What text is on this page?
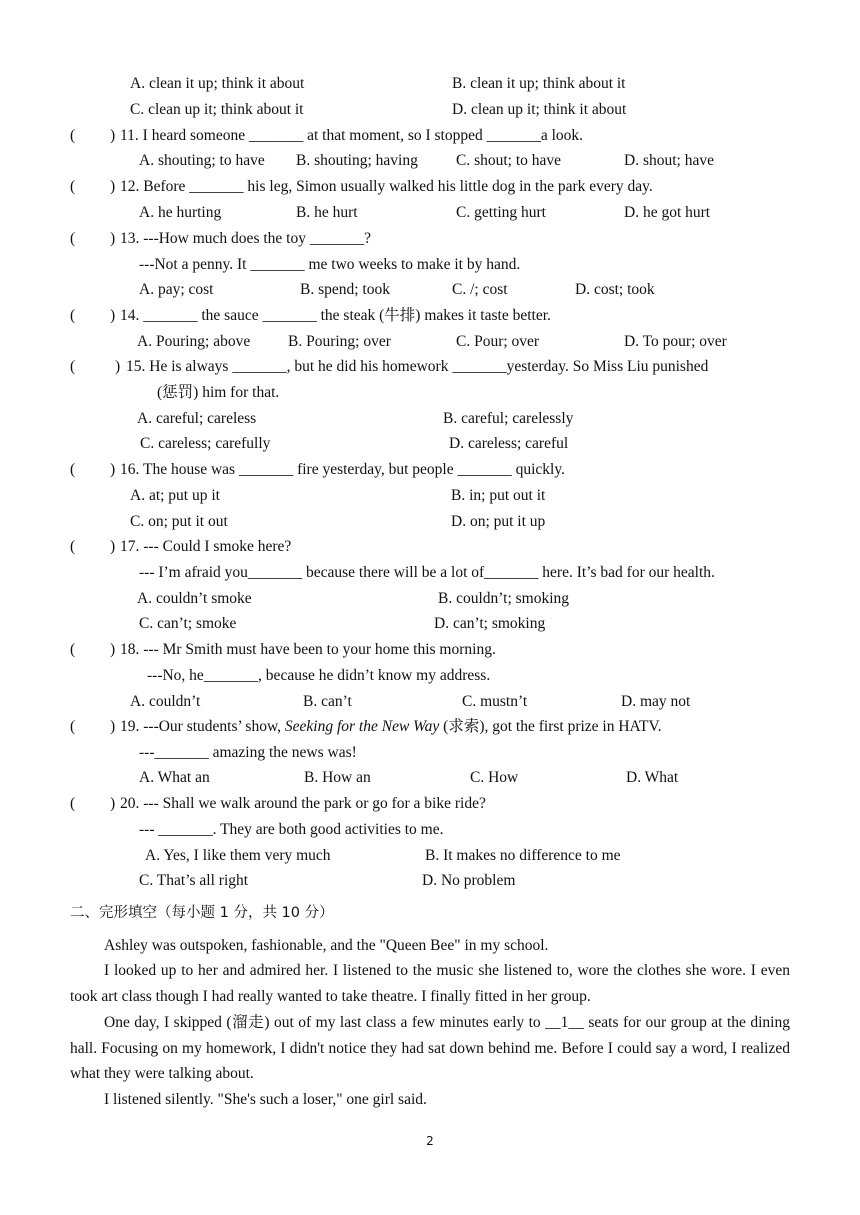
A. clean it up; think it about	B. clean it up; think about it
C. clean up it; think about it	D. clean up it; think it about
( ) 11. I heard someone _______ at that moment, so I stopped _______a look.
A. shouting; to have B. shouting; having C. shout; to have	D. shout; have
( ) 12. Before _______ his leg, Simon usually walked his little dog in the park every day.
A. he hurting	B. he hurt	C. getting hurt	D. he got hurt
( ) 13. ---How much does the toy _______?
---Not a penny. It _______ me two weeks to make it by hand.
A. pay; cost	B. spend; took	C. /; cost	D. cost; took
( ) 14. _______ the sauce _______ the steak (牛排) makes it taste better.
A. Pouring; above B. Pouring; over	C. Pour; over	D. To pour; over
(	) 15. He is always _______, but he did his homework _______yesterday. So Miss Liu punished
(惩罚) him for that.
A. careful; careless	B. careful; carelessly
C. careless; carefully	D. careless; careful
( ) 16. The house was _______ fire yesterday, but people _______ quickly.
A. at; put up it	B. in; put out it
C. on; put it out	D. on; put it up
( ) 17. --- Could I smoke here?
--- I’m afraid you_______ because there will be a lot of_______ here. It’s bad for our health.
A. couldn’t smoke	B. couldn’t; smoking
C. can’t; smoke	D. can’t; smoking
( ) 18. --- Mr Smith must have been to your home this morning.
---No, he_______, because he didn’t know my address.
A. couldn’t	B. can’t	C. mustn’t	D. may not
( ) 19. ---Our students’ show, Seeking for the New Way (求索), got the first prize in HATV.
---_______ amazing the news was!
A. What an	B. How an	C. How	D. What
( ) 20. --- Shall we walk around the park or go for a bike ride?
--- _______. They are both good activities to me.
A. Yes, I like them very much	B. It makes no difference to me
C. That’s all right	D. No problem
二、完形填空（每小题 1 分，共 10 分）
Ashley was outspoken, fashionable, and the "Queen Bee" in my school.
I looked up to her and admired her. I listened to the music she listened to, wore the clothes she wore. I even took art class though I had really wanted to take theatre. I finally fitted in her group.
One day, I skipped (溜走) out of my last class a few minutes early to __1__ seats for our group at the dining hall. Focusing on my homework, I didn't notice they had sat down behind me. Before I could say a word, I realized what they were talking about.
I listened silently. "She's such a loser," one girl said.
2
